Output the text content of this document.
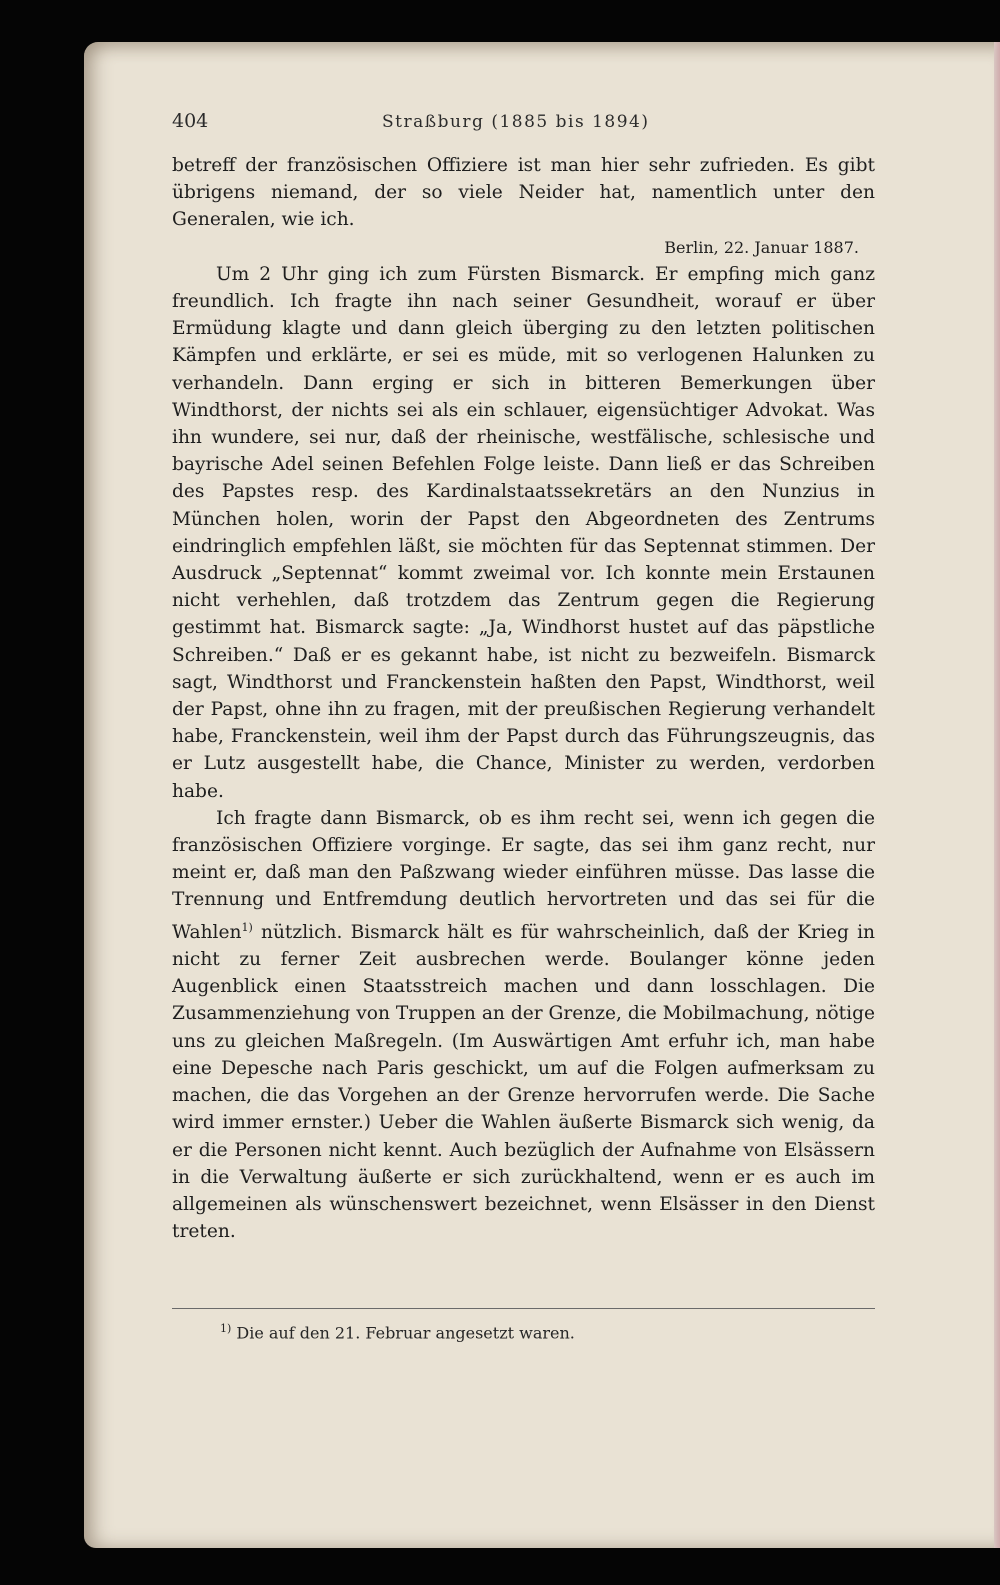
404	Straßburg (1885 bis 1894)

betreff der französischen Offiziere ist man hier sehr zufrieden. Es gibt übrigens niemand, der so viele Neider hat, namentlich unter den Generalen, wie ich.

Berlin, 22. Januar 1887.

Um 2 Uhr ging ich zum Fürsten Bismarck. Er empfing mich ganz freundlich. Ich fragte ihn nach seiner Gesundheit, worauf er über Ermüdung klagte und dann gleich überging zu den letzten politischen Kämpfen und erklärte, er sei es müde, mit so verlogenen Halunken zu verhandeln. Dann erging er sich in bitteren Bemerkungen über Windthorst, der nichts sei als ein schlauer, eigensüchtiger Advokat. Was ihn wundere, sei nur, daß der rheinische, westfälische, schlesische und bayrische Adel seinen Befehlen Folge leiste. Dann ließ er das Schreiben des Papstes resp. des Kardinalstaatssekretärs an den Nunzius in München holen, worin der Papst den Abgeordneten des Zentrums eindringlich empfehlen läßt, sie möchten für das Septennat stimmen. Der Ausdruck „Septennat“ kommt zweimal vor. Ich konnte mein Erstaunen nicht verhehlen, daß trotzdem das Zentrum gegen die Regierung gestimmt hat. Bismarck sagte: „Ja, Windhorst hustet auf das päpstliche Schreiben.“ Daß er es gekannt habe, ist nicht zu bezweifeln. Bismarck sagt, Windthorst und Franckenstein haßten den Papst, Windthorst, weil der Papst, ohne ihn zu fragen, mit der preußischen Regierung verhandelt habe, Franckenstein, weil ihm der Papst durch das Führungszeugnis, das er Lutz ausgestellt habe, die Chance, Minister zu werden, verdorben habe.

Ich fragte dann Bismarck, ob es ihm recht sei, wenn ich gegen die französischen Offiziere vorginge. Er sagte, das sei ihm ganz recht, nur meint er, daß man den Paßzwang wieder einführen müsse. Das lasse die Trennung und Entfremdung deutlich hervortreten und das sei für die Wahlen$^{1)}$ nützlich. Bismarck hält es für wahrscheinlich, daß der Krieg in nicht zu ferner Zeit ausbrechen werde. Boulanger könne jeden Augenblick einen Staatsstreich machen und dann losschlagen. Die Zusammenziehung von Truppen an der Grenze, die Mobilmachung, nötige uns zu gleichen Maßregeln. (Im Auswärtigen Amt erfuhr ich, man habe eine Depesche nach Paris geschickt, um auf die Folgen aufmerksam zu machen, die das Vorgehen an der Grenze hervorrufen werde. Die Sache wird immer ernster.) Ueber die Wahlen äußerte Bismarck sich wenig, da er die Personen nicht kennt. Auch bezüglich der Aufnahme von Elsässern in die Verwaltung äußerte er sich zurückhaltend, wenn er es auch im allgemeinen als wünschenswert bezeichnet, wenn Elsässer in den Dienst treten.

$^{1)}$ Die auf den 21. Februar angesetzt waren.
